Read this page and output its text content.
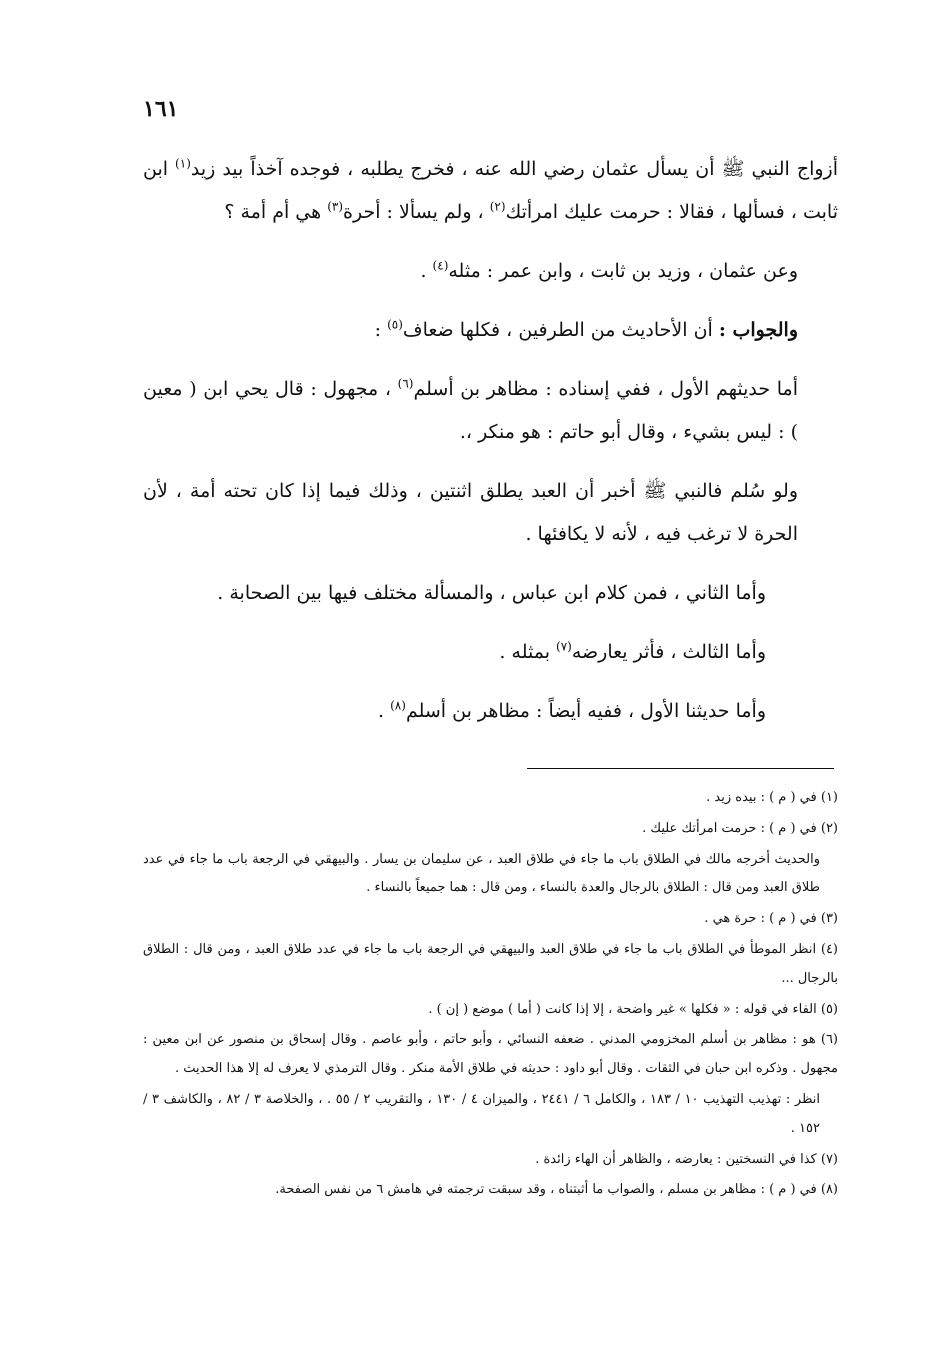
١٦١

أزواج النبي ﷺ أن يسأل عثمان رضي الله عنه ، فخرج يطلبه ، فوجده آخذاً بيد زيد$^{(١)}$ ابن ثابت ، فسألها ، فقالا : حرمت عليك امرأتك$^{(٢)}$ ، ولم يسألا : أحرة$^{(٣)}$ هي أم أمة ؟

وعن عثمان ، وزيد بن ثابت ، وابن عمر : مثله$^{(٤)}$ .

والجواب : أن الأحاديث من الطرفين ، فكلها ضعاف$^{(٥)}$ :

أما حديثهم الأول ، ففي إسناده : مظاهر بن أسلم$^{(٦)}$ ، مجهول : قال يحي ابن ( معين ) : ليس بشيء ، وقال أبو حاتم : هو منكر ،.

ولو سُلم فالنبي ﷺ أخبر أن العبد يطلق اثنتين ، وذلك فيما إذا كان تحته أمة ، لأن الحرة لا ترغب فيه ، لأنه لا يكافئها .

وأما الثاني ، فمن كلام ابن عباس ، والمسألة مختلف فيها بين الصحابة .

وأما الثالث ، فأثر يعارضه$^{(٧)}$ بمثله .

وأما حديثنا الأول ، ففيه أيضاً : مظاهر بن أسلم$^{(٨)}$ .

(١) في ( م ) : بيده زيد .

(٢) في ( م ) : حرمت امرأتك عليك .

والحديث أخرجه مالك في الطلاق باب ما جاء في طلاق العبد ، عن سليمان بن يسار . والبيهقي في الرجعة باب ما جاء في عدد طلاق العبد ومن قال : الطلاق بالرجال والعدة بالنساء ، ومن قال : هما جميعاً بالنساء .

(٣) في ( م ) : حرة هي .

(٤) انظر الموطأ في الطلاق باب ما جاء في طلاق العبد والبيهقي في الرجعة باب ما جاء في عدد طلاق العبد ، ومن قال : الطلاق بالرجال ...

(٥) الفاء في قوله : « فكلها » غير واضحة ، إلا إذا كانت ( أما ) موضع ( إن ) .

(٦) هو : مظاهر بن أسلم المخزومي المدني . ضعفه النسائي ، وأبو حاتم ، وأبو عاصم . وقال إسحاق بن منصور عن ابن معين : مجهول . وذكره ابن حبان في الثقات . وقال أبو داود : حديثه في طلاق الأمة منكر . وقال الترمذي لا يعرف له إلا هذا الحديث .

انظر : تهذيب التهذيب ١٠ / ١٨٣ ، والكامل ٦ / ٢٤٤١ ، والميزان ٤ / ١٣٠ ، والتقريب ٢ / ٥٥ . ، والخلاصة ٣ / ٨٢ ، والكاشف ٣ / ١٥٢ .

(٧) كذا في النسختين : يعارضه ، والظاهر أن الهاء زائدة .

(٨) في ( م ) : مظاهر بن مسلم ، والصواب ما أثبتناه ، وقد سبقت ترجمته في هامش ٦ من نفس الصفحة.
